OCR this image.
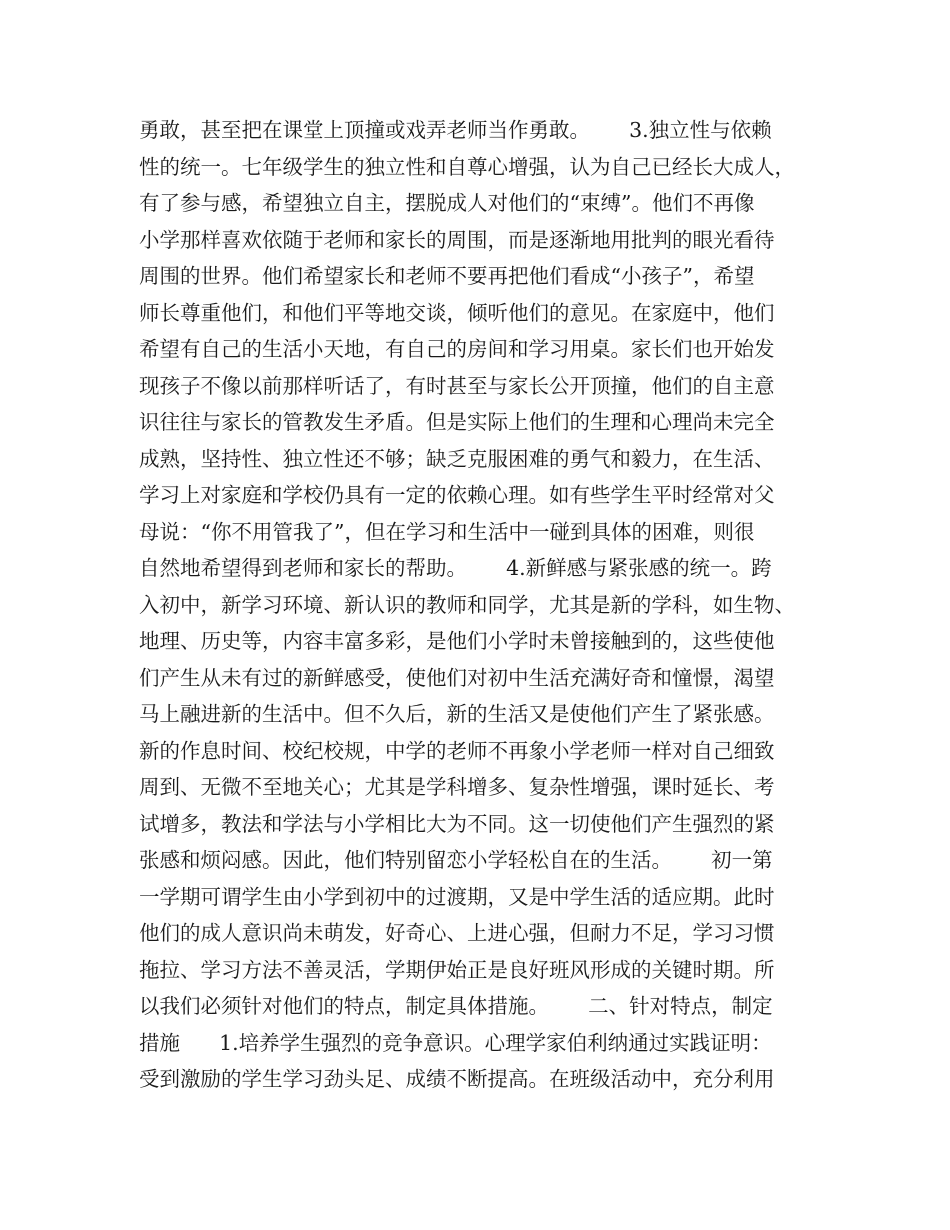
勇敢，甚至把在课堂上顶撞或戏弄老师当作勇敢。      3.独立性与依赖
性的统一。七年级学生的独立性和自尊心增强，认为自己已经长大成人，
有了参与感，希望独立自主，摆脱成人对他们的“束缚”。他们不再像
小学那样喜欢依随于老师和家长的周围，而是逐渐地用批判的眼光看待
周围的世界。他们希望家长和老师不要再把他们看成“小孩子”，希望
师长尊重他们，和他们平等地交谈，倾听他们的意见。在家庭中，他们
希望有自己的生活小天地，有自己的房间和学习用桌。家长们也开始发
现孩子不像以前那样听话了，有时甚至与家长公开顶撞，他们的自主意
识往往与家长的管教发生矛盾。但是实际上他们的生理和心理尚未完全
成熟，坚持性、独立性还不够；缺乏克服困难的勇气和毅力，在生活、
学习上对家庭和学校仍具有一定的依赖心理。如有些学生平时经常对父
母说：“你不用管我了”，但在学习和生活中一碰到具体的困难，则很
自然地希望得到老师和家长的帮助。      4.新鲜感与紧张感的统一。跨
入初中，新学习环境、新认识的教师和同学，尤其是新的学科，如生物、
地理、历史等，内容丰富多彩，是他们小学时未曾接触到的，这些使他
们产生从未有过的新鲜感受，使他们对初中生活充满好奇和憧憬，渴望
马上融进新的生活中。但不久后，新的生活又是使他们产生了紧张感。
新的作息时间、校纪校规，中学的老师不再象小学老师一样对自己细致
周到、无微不至地关心；尤其是学科增多、复杂性增强，课时延长、考
试增多，教法和学法与小学相比大为不同。这一切使他们产生强烈的紧
张感和烦闷感。因此，他们特别留恋小学轻松自在的生活。      初一第
一学期可谓学生由小学到初中的过渡期，又是中学生活的适应期。此时
他们的成人意识尚未萌发，好奇心、上进心强，但耐力不足，学习习惯
拖拉、学习方法不善灵活，学期伊始正是良好班风形成的关键时期。所
以我们必须针对他们的特点，制定具体措施。      二、针对特点，制定
措施      1.培养学生强烈的竞争意识。心理学家伯利纳通过实践证明：
受到激励的学生学习劲头足、成绩不断提高。在班级活动中，充分利用
